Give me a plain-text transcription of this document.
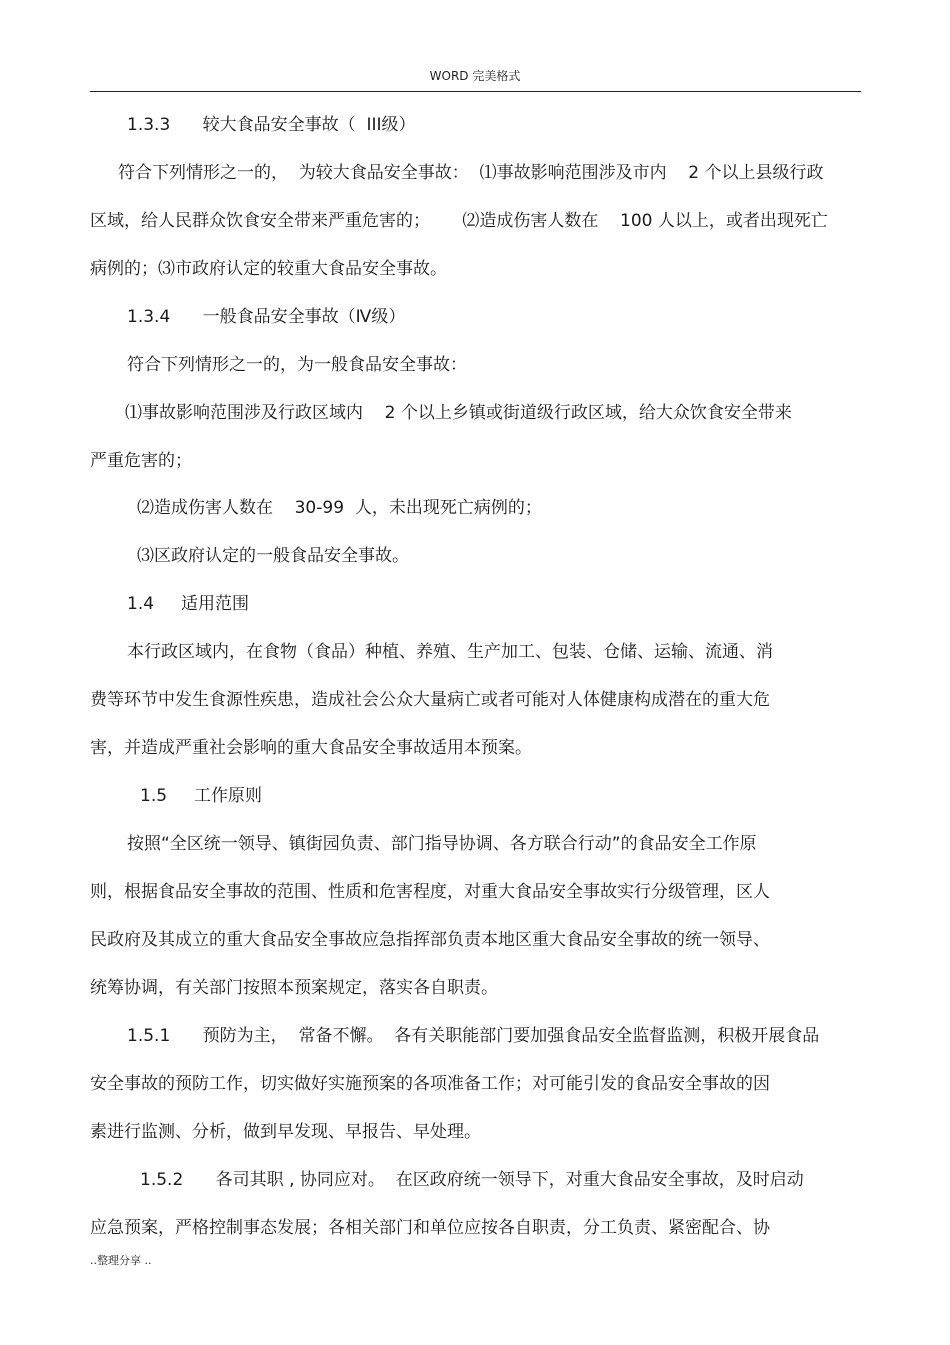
WORD 完美格式
1.3.3      较大食品安全事故（  III级）
符合下列情形之一的，  为较大食品安全事故：  ⑴事故影响范围涉及市内    2 个以上县级行政
区域，给人民群众饮食安全带来严重危害的；      ⑵造成伤害人数在    100 人以上，或者出现死亡
病例的；⑶市政府认定的较重大食品安全事故。
1.3.4      一般食品安全事故（Ⅳ级）
符合下列情形之一的，为一般食品安全事故：
⑴事故影响范围涉及行政区域内    2 个以上乡镇或街道级行政区域，给大众饮食安全带来
严重危害的；
⑵造成伤害人数在    30-99  人，未出现死亡病例的；
⑶区政府认定的一般食品安全事故。
1.4     适用范围
本行政区域内，在食物（食品）种植、养殖、生产加工、包装、仓储、运输、流通、消
费等环节中发生食源性疾患，造成社会公众大量病亡或者可能对人体健康构成潜在的重大危
害，并造成严重社会影响的重大食品安全事故适用本预案。
1.5     工作原则
按照“全区统一领导、镇街园负责、部门指导协调、各方联合行动”的食品安全工作原
则，根据食品安全事故的范围、性质和危害程度，对重大食品安全事故实行分级管理，区人
民政府及其成立的重大食品安全事故应急指挥部负责本地区重大食品安全事故的统一领导、
统筹协调，有关部门按照本预案规定，落实各自职责。
1.5.1      预防为主，  常备不懈。  各有关职能部门要加强食品安全监督监测，积极开展食品
安全事故的预防工作，切实做好实施预案的各项准备工作；对可能引发的食品安全事故的因
素进行监测、分析，做到早发现、早报告、早处理。
1.5.2      各司其职 , 协同应对。  在区政府统一领导下，对重大食品安全事故，及时启动
应急预案，严格控制事态发展；各相关部门和单位应按各自职责，分工负责、紧密配合、协
..整理分享 ..
